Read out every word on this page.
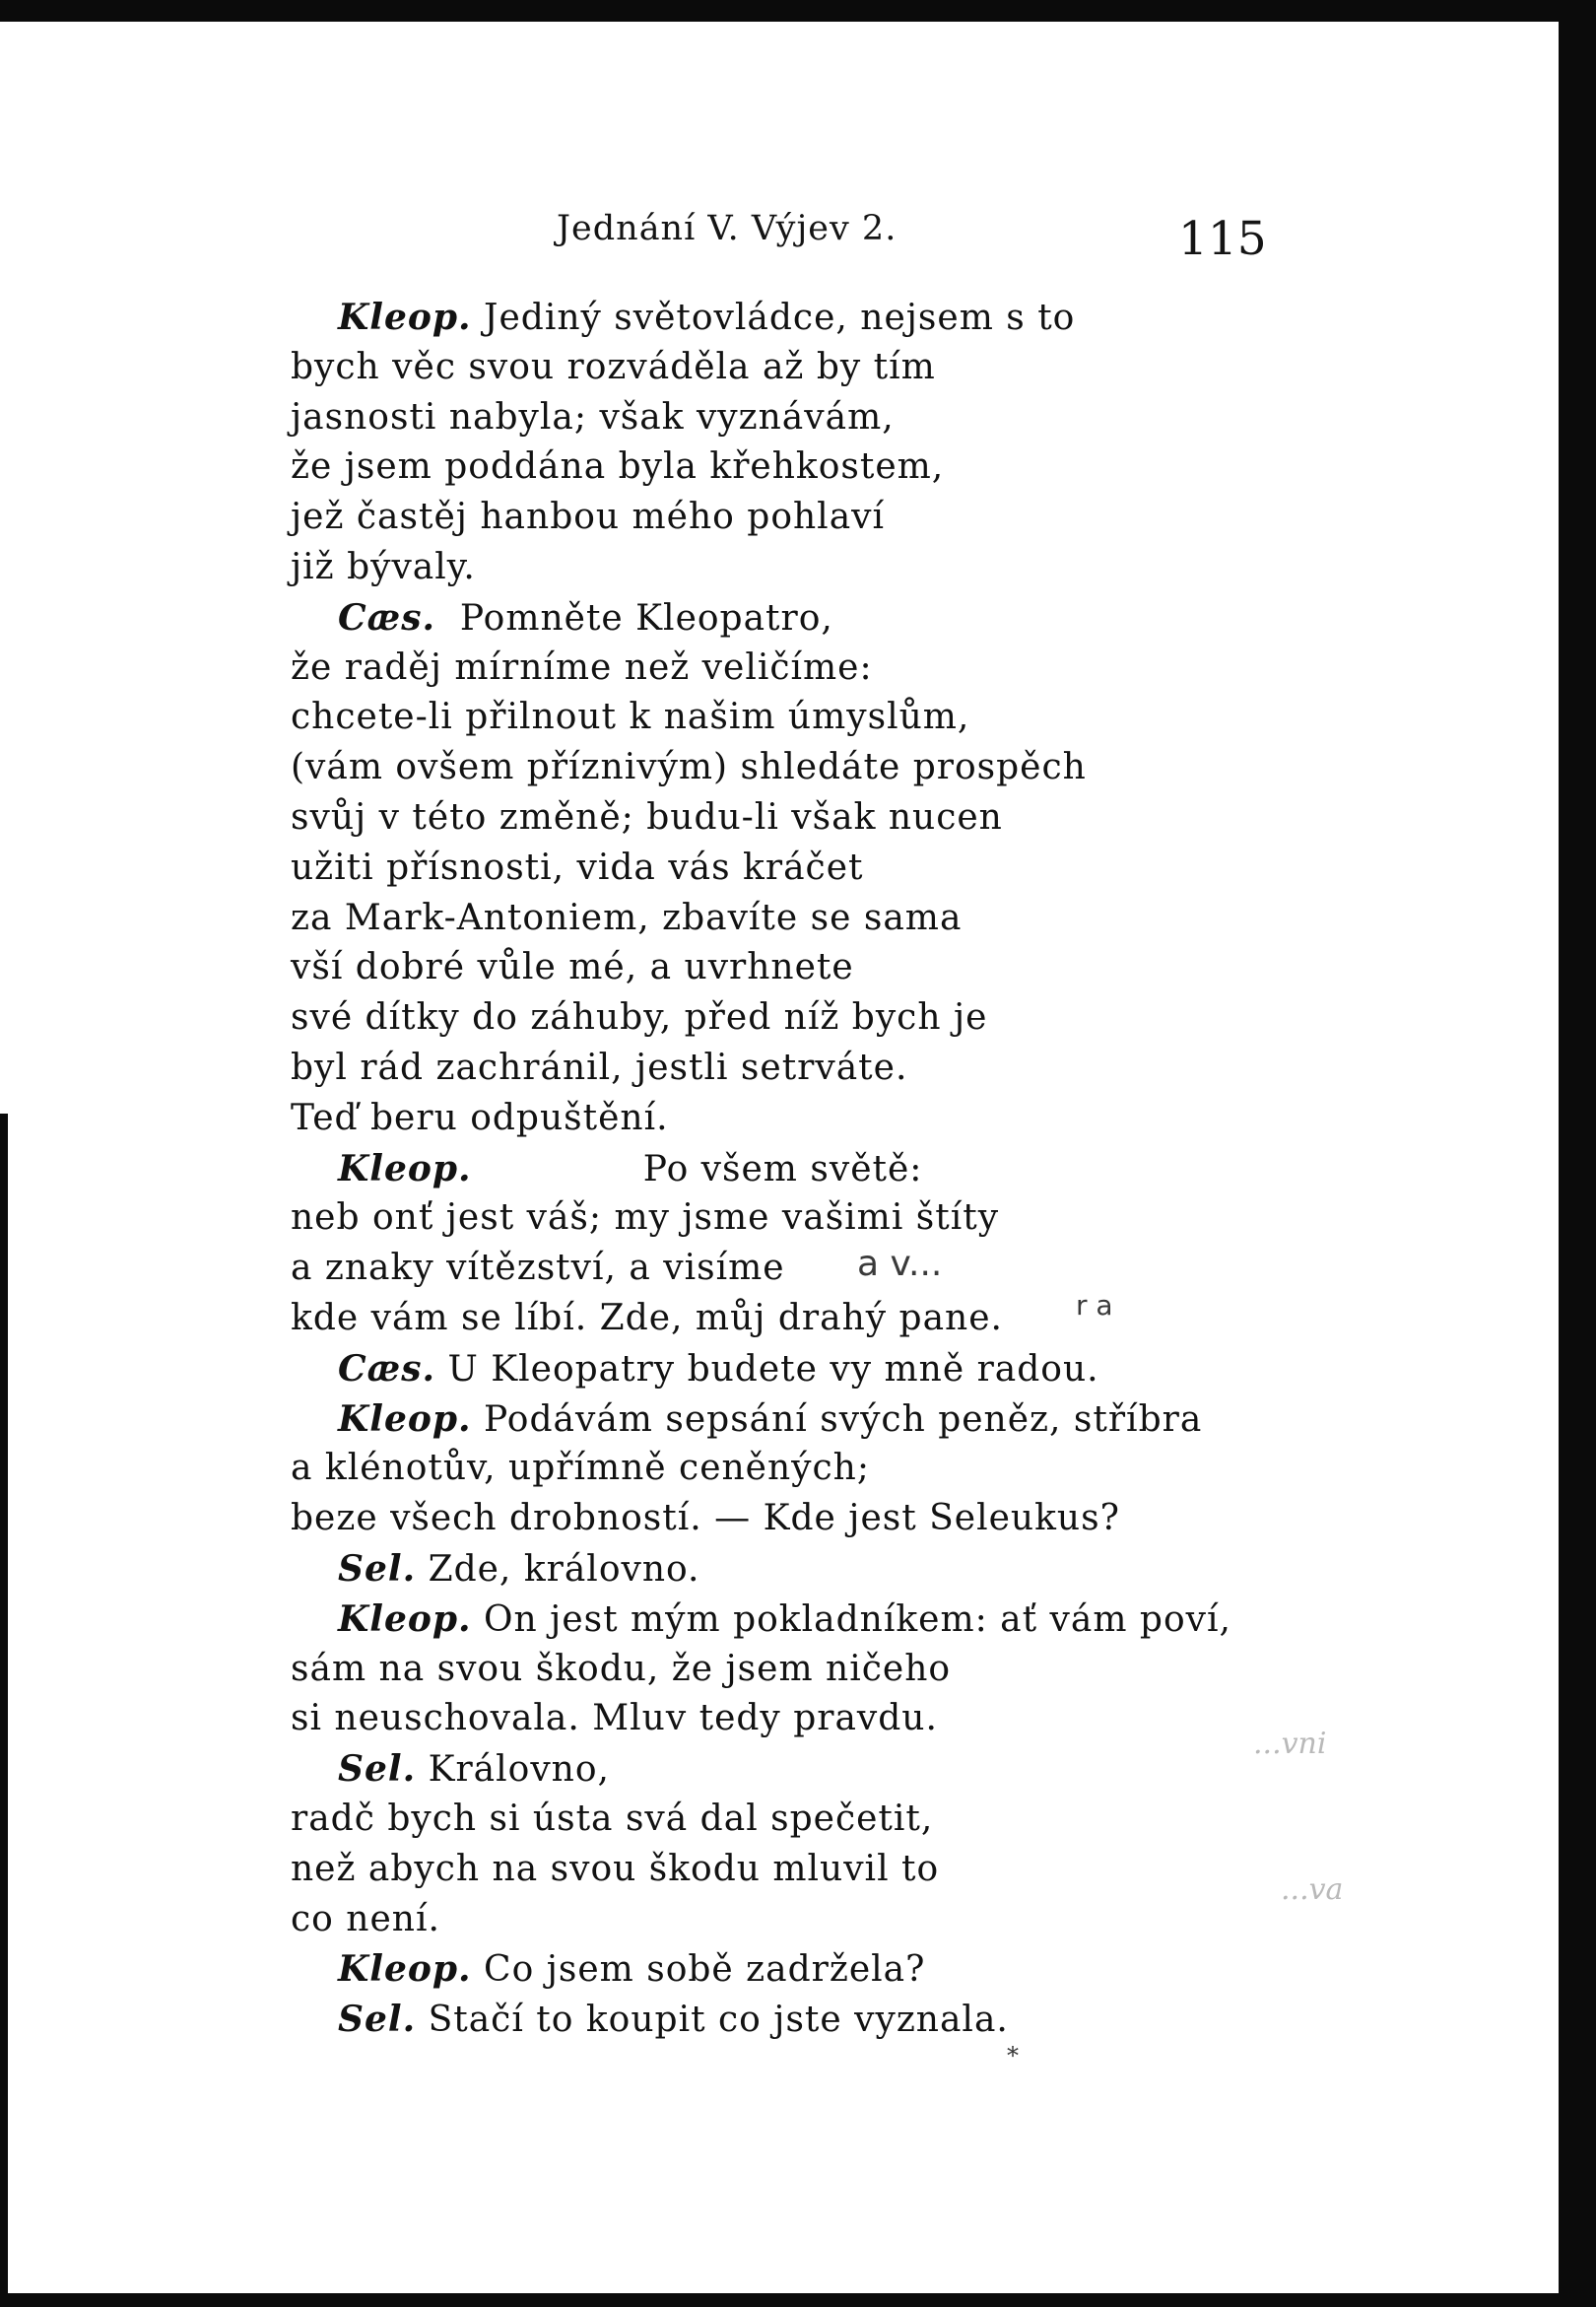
Jednání V. Výjev 2.	115
Kleop. Jediný světovládce, nejsem s to
bych věc svou rozváděla až by tím
jasnosti nabyla; však vyznávám,
že jsem poddána byla křehkostem,
jež častěj hanbou mého pohlaví
již bývaly.
Cæs.  Pomněte Kleopatro,
že raděj mírníme než veličíme:
chcete-li přilnout k našim úmyslům,
(vám ovšem příznivým) shledáte prospěch
svůj v této změně; budu-li však nucen
užiti přísnosti, vida vás kráčet
za Mark-Antoniem, zbavíte se sama
vší dobré vůle mé, a uvrhnete
své dítky do záhuby, před níž bych je
byl rád zachránil, jestli setrváte.
Teď beru odpuštění.
Kleop.              Po všem světě:
neb onť jest váš; my jsme vašimi štíty
a znaky vítězství, a visíme
kde vám se líbí. Zde, můj drahý pane.
Cæs. U Kleopatry budete vy mně radou.
Kleop. Podávám sepsání svých peněz, stříbra
a klénotův, upřímně ceněných;
beze všech drobností. — Kde jest Seleukus?
Sel. Zde, královno.
Kleop. On jest mým pokladníkem: ať vám poví,
sám na svou škodu, že jsem ničeho
si neuschovala. Mluv tedy pravdu.
Sel. Královno,
radč bych si ústa svá dal spečetit,
než abych na svou škodu mluvil to
co není.
Kleop. Co jsem sobě zadržela?
Sel. Stačí to koupit co jste vyznala.
a v...
r a
...vni
...va
*
